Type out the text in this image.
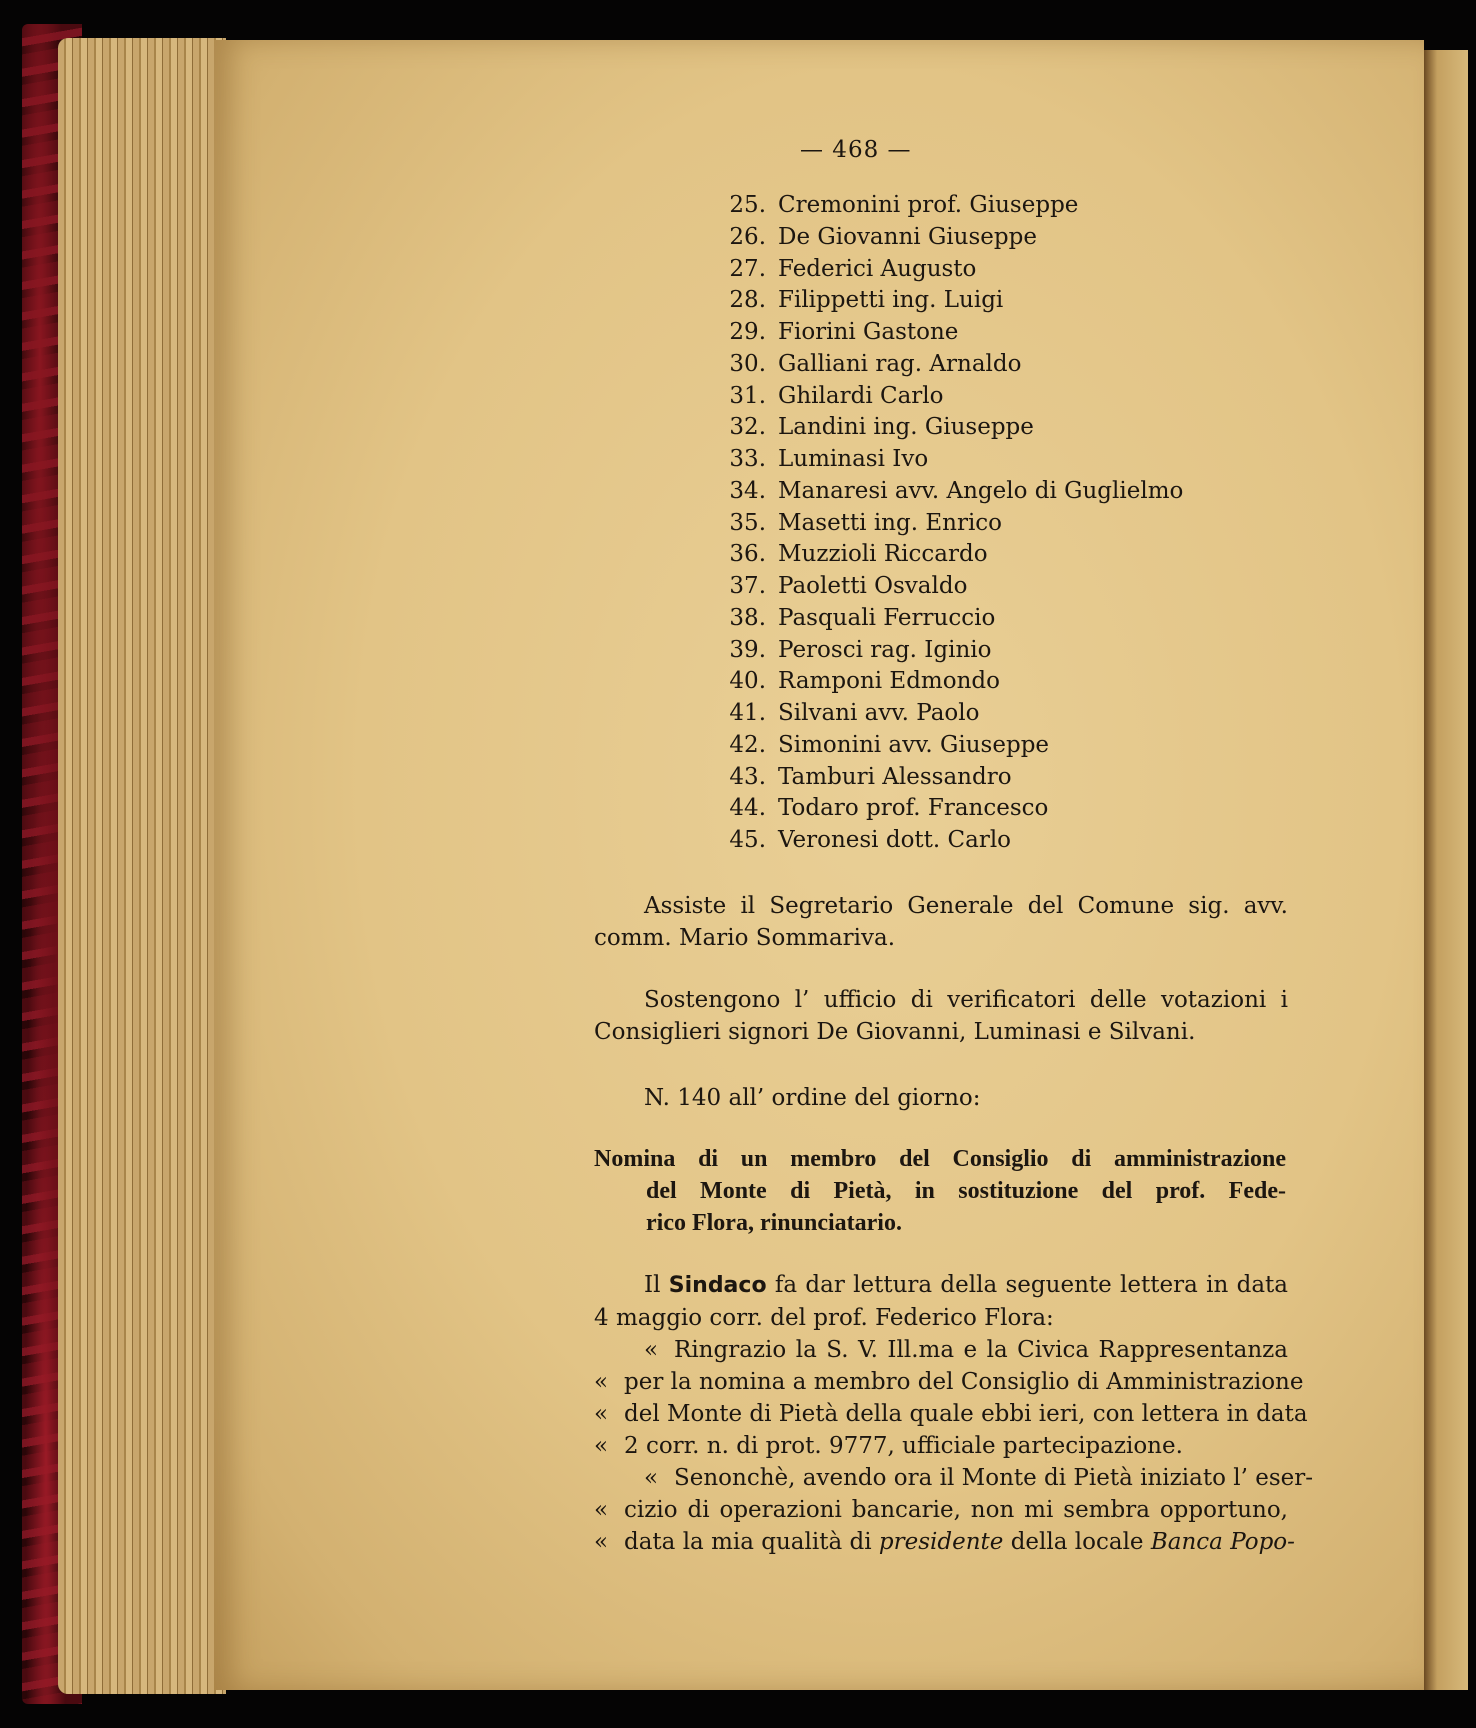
— 468 —
25. Cremonini prof. Giuseppe
26. De Giovanni Giuseppe
27. Federici Augusto
28. Filippetti ing. Luigi
29. Fiorini Gastone
30. Galliani rag. Arnaldo
31. Ghilardi Carlo
32. Landini ing. Giuseppe
33. Luminasi Ivo
34. Manaresi avv. Angelo di Guglielmo
35. Masetti ing. Enrico
36. Muzzioli Riccardo
37. Paoletti Osvaldo
38. Pasquali Ferruccio
39. Perosci rag. Iginio
40. Ramponi Edmondo
41. Silvani avv. Paolo
42. Simonini avv. Giuseppe
43. Tamburi Alessandro
44. Todaro prof. Francesco
45. Veronesi dott. Carlo

Assiste il Segretario Generale del Comune sig. avv. comm. Mario Sommariva.

Sostengono l’ ufficio di verificatori delle votazioni i Consiglieri signori De Giovanni, Luminasi e Silvani.

N. 140 all’ ordine del giorno:

Nomina di un membro del Consiglio di amministrazione
del Monte di Pietà, in sostituzione del prof. Fede-
rico Flora, rinunciatario.
Il Sindaco fa dar lettura della seguente lettera in data
4 maggio corr. del prof. Federico Flora:
« Ringrazio la S. V. Ill.ma e la Civica Rappresentanza
« per la nomina a membro del Consiglio di Amministrazione
« del Monte di Pietà della quale ebbi ieri, con lettera in data
« 2 corr. n. di prot. 9777, ufficiale partecipazione.
« Senonchè, avendo ora il Monte di Pietà iniziato l’ eser-
« cizio di operazioni bancarie, non mi sembra opportuno,
« data la mia qualità di presidente della locale Banca Popo-
